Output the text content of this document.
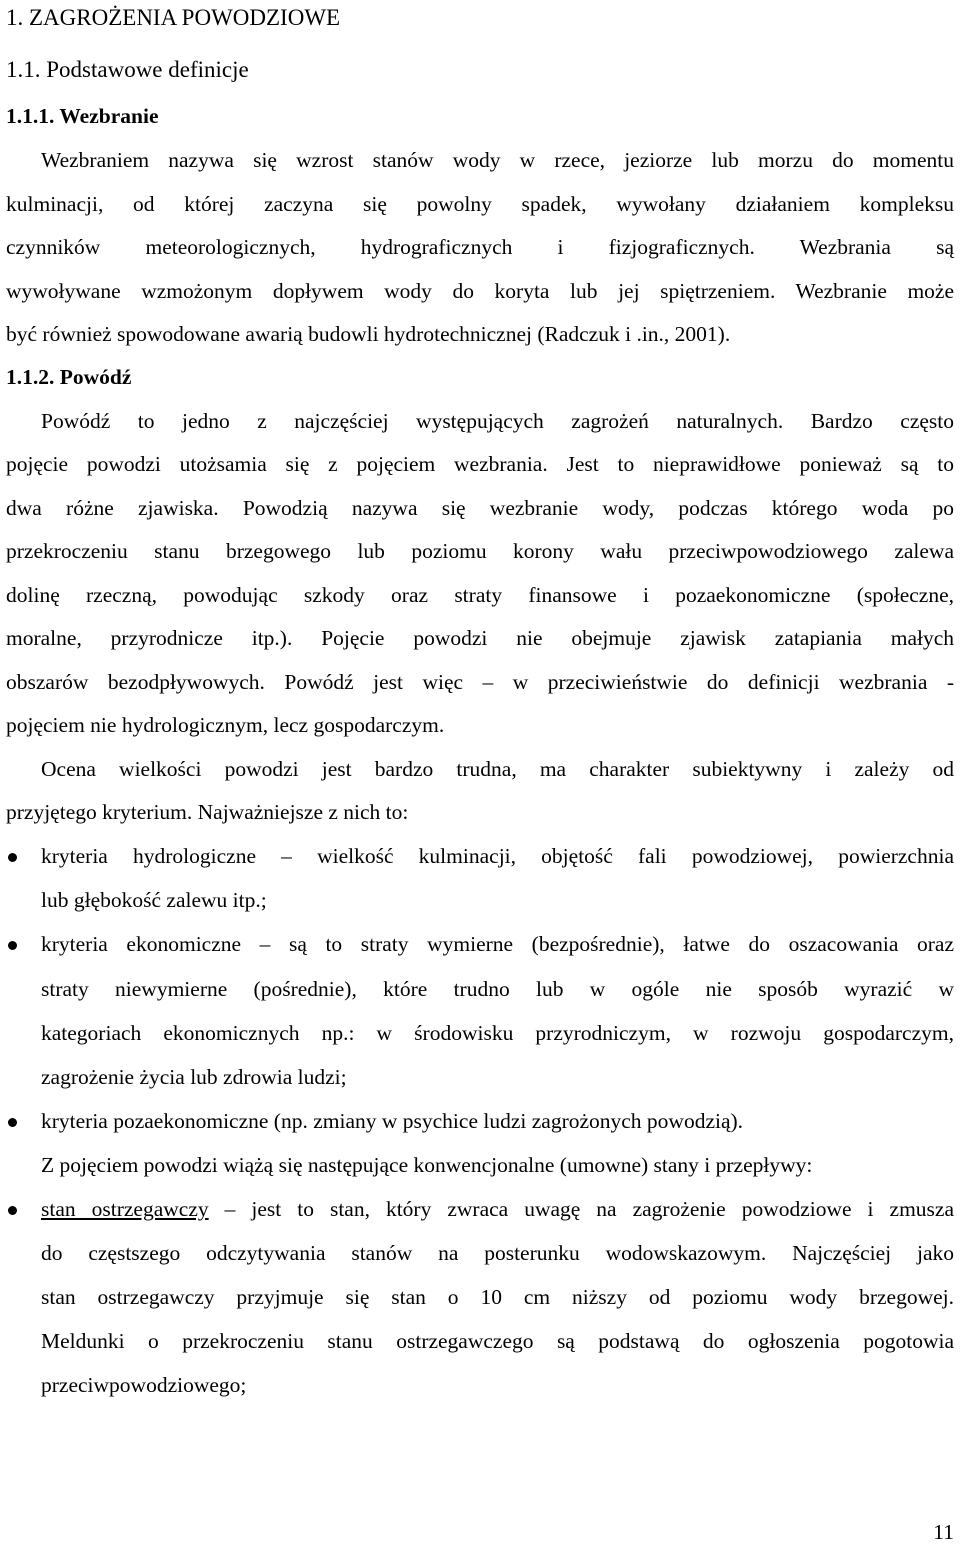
1. ZAGROŻENIA POWODZIOWE
1.1. Podstawowe definicje
1.1.1. Wezbranie
Wezbraniem nazywa się wzrost stanów wody w rzece, jeziorze lub morzu do momentu
kulminacji, od której zaczyna się powolny spadek, wywołany działaniem kompleksu
czynników meteorologicznych, hydrograficznych i fizjograficznych. Wezbrania są
wywoływane wzmożonym dopływem wody do koryta lub jej spiętrzeniem. Wezbranie może
być również spowodowane awarią budowli hydrotechnicznej (Radczuk i .in., 2001).
1.1.2. Powódź
Powódź to jedno z najczęściej występujących zagrożeń naturalnych. Bardzo często
pojęcie powodzi utożsamia się z pojęciem wezbrania. Jest to nieprawidłowe ponieważ są to
dwa różne zjawiska. Powodzią nazywa się wezbranie wody, podczas którego woda po
przekroczeniu stanu brzegowego lub poziomu korony wału przeciwpowodziowego zalewa
dolinę rzeczną, powodując szkody oraz straty finansowe i pozaekonomiczne (społeczne,
moralne, przyrodnicze itp.). Pojęcie powodzi nie obejmuje zjawisk zatapiania małych
obszarów bezodpływowych. Powódź jest więc – w przeciwieństwie do definicji wezbrania -
pojęciem nie hydrologicznym, lecz gospodarczym.
Ocena wielkości powodzi jest bardzo trudna, ma charakter subiektywny i zależy od
przyjętego kryterium. Najważniejsze z nich to:
kryteria hydrologiczne – wielkość kulminacji, objętość fali powodziowej, powierzchnia
lub głębokość zalewu itp.;
kryteria ekonomiczne – są to straty wymierne (bezpośrednie), łatwe do oszacowania oraz
straty niewymierne (pośrednie), które trudno lub w ogóle nie sposób wyrazić w
kategoriach ekonomicznych np.: w środowisku przyrodniczym, w rozwoju gospodarczym,
zagrożenie życia lub zdrowia ludzi;
kryteria pozaekonomiczne (np. zmiany w psychice ludzi zagrożonych powodzią).
Z pojęciem powodzi wiążą się następujące konwencjonalne (umowne) stany i przepływy:
stan ostrzegawczy – jest to stan, który zwraca uwagę na zagrożenie powodziowe i zmusza
do częstszego odczytywania stanów na posterunku wodowskazowym. Najczęściej jako
stan ostrzegawczy przyjmuje się stan o 10 cm niższy od poziomu wody brzegowej.
Meldunki o przekroczeniu stanu ostrzegawczego są podstawą do ogłoszenia pogotowia
przeciwpowodziowego;
11
